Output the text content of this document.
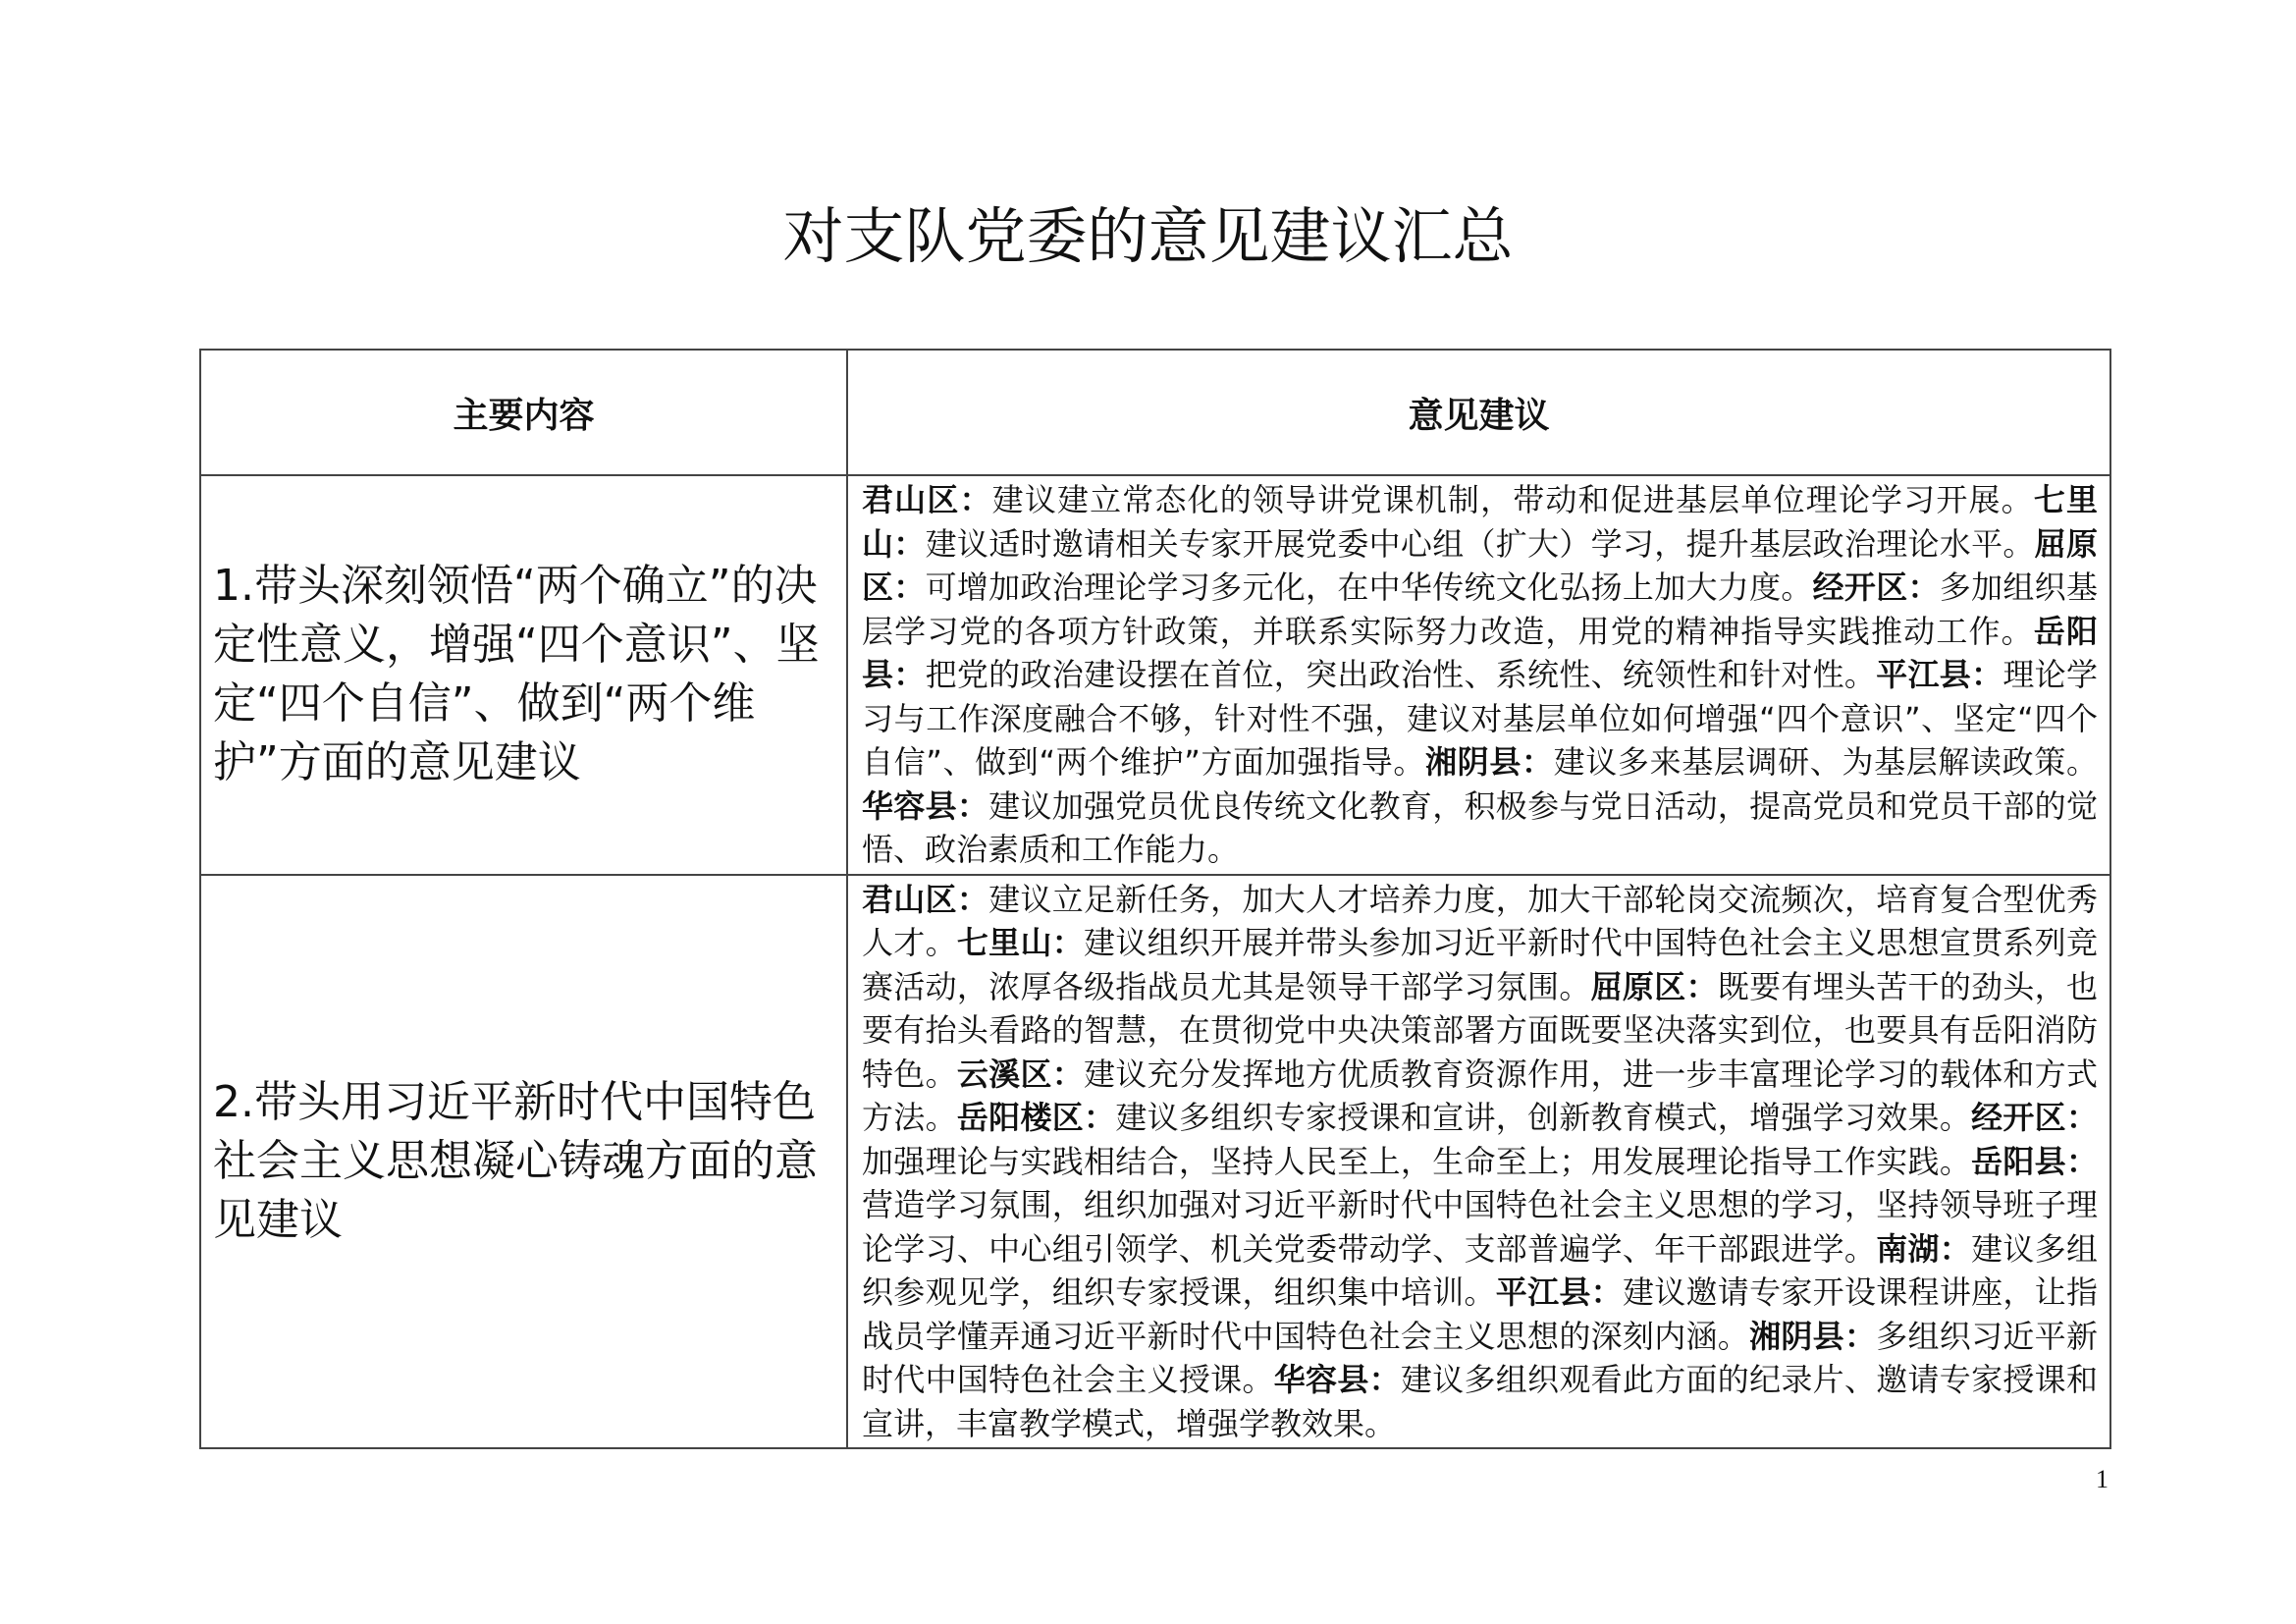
对支队党委的意见建议汇总
主要内容	意见建议
1.带头深刻领悟“两个确立”的决定性意义，增强“四个意识”、坚定“四个自信”、做到“两个维护”方面的意见建议	君山区：建议建立常态化的领导讲党课机制，带动和促进基层单位理论学习开展。七里山：建议适时邀请相关专家开展党委中心组（扩大）学习，提升基层政治理论水平。屈原区：可增加政治理论学习多元化，在中华传统文化弘扬上加大力度。经开区：多加组织基层学习党的各项方针政策，并联系实际努力改造，用党的精神指导实践推动工作。岳阳县：把党的政治建设摆在首位，突出政治性、系统性、统领性和针对性。平江县：理论学习与工作深度融合不够，针对性不强，建议对基层单位如何增强“四个意识”、坚定“四个自信”、做到“两个维护”方面加强指导。湘阴县：建议多来基层调研、为基层解读政策。华容县：建议加强党员优良传统文化教育，积极参与党日活动，提高党员和党员干部的觉悟、政治素质和工作能力。
2.带头用习近平新时代中国特色社会主义思想凝心铸魂方面的意见建议	君山区：建议立足新任务，加大人才培养力度，加大干部轮岗交流频次，培育复合型优秀人才。七里山：建议组织开展并带头参加习近平新时代中国特色社会主义思想宣贯系列竞赛活动，浓厚各级指战员尤其是领导干部学习氛围。屈原区：既要有埋头苦干的劲头，也要有抬头看路的智慧，在贯彻党中央决策部署方面既要坚决落实到位，也要具有岳阳消防特色。云溪区：建议充分发挥地方优质教育资源作用，进一步丰富理论学习的载体和方式方法。岳阳楼区：建议多组织专家授课和宣讲，创新教育模式，增强学习效果。经开区：加强理论与实践相结合，坚持人民至上，生命至上；用发展理论指导工作实践。岳阳县：营造学习氛围，组织加强对习近平新时代中国特色社会主义思想的学习，坚持领导班子理论学习、中心组引领学、机关党委带动学、支部普遍学、年干部跟进学。南湖：建议多组织参观见学，组织专家授课，组织集中培训。平江县：建议邀请专家开设课程讲座，让指战员学懂弄通习近平新时代中国特色社会主义思想的深刻内涵。湘阴县：多组织习近平新时代中国特色社会主义授课。华容县：建议多组织观看此方面的纪录片、邀请专家授课和宣讲，丰富教学模式，增强学教效果。
1
